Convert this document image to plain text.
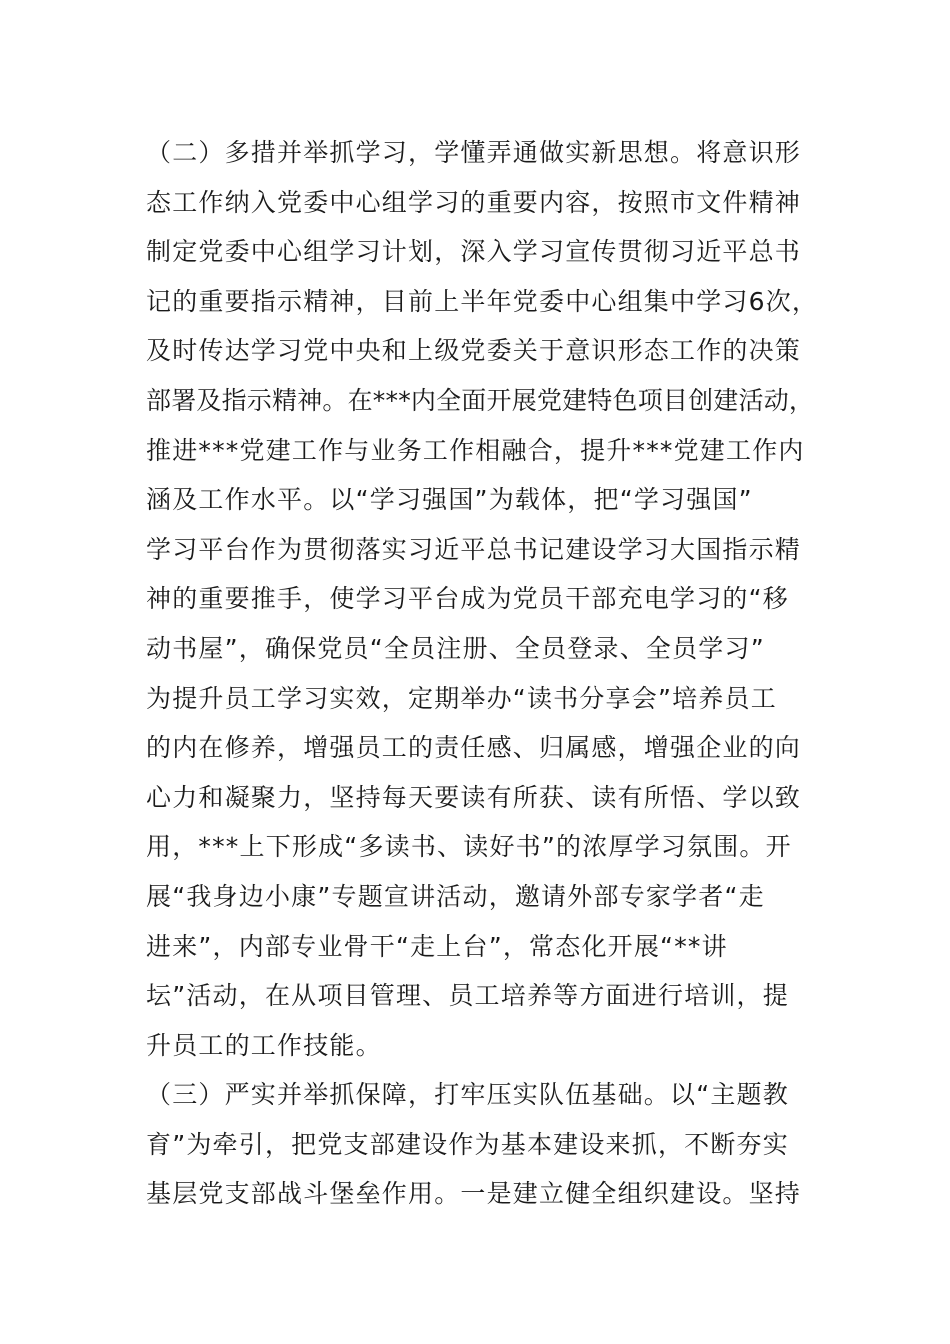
（二）多措并举抓学习，学懂弄通做实新思想。将意识形
态工作纳入党委中心组学习的重要内容，按照市文件精神
制定党委中心组学习计划，深入学习宣传贯彻习近平总书
记的重要指示精神，目前上半年党委中心组集中学习6次，
及时传达学习党中央和上级党委关于意识形态工作的决策
部署及指示精神。在***内全面开展党建特色项目创建活动，
推进***党建工作与业务工作相融合，提升***党建工作内
涵及工作水平。以“学习强国”为载体，把“学习强国”
学习平台作为贯彻落实习近平总书记建设学习大国指示精
神的重要推手，使学习平台成为党员干部充电学习的“移
动书屋”，确保党员“全员注册、全员登录、全员学习”
为提升员工学习实效，定期举办“读书分享会”培养员工
的内在修养，增强员工的责任感、归属感，增强企业的向
心力和凝聚力，坚持每天要读有所获、读有所悟、学以致
用，***上下形成“多读书、读好书”的浓厚学习氛围。开
展“我身边小康”专题宣讲活动，邀请外部专家学者“走
进来”，内部专业骨干“走上台”，常态化开展“**讲
坛”活动，在从项目管理、员工培养等方面进行培训，提
升员工的工作技能。
（三）严实并举抓保障，打牢压实队伍基础。以“主题教
育”为牵引，把党支部建设作为基本建设来抓，不断夯实
基层党支部战斗堡垒作用。一是建立健全组织建设。坚持
